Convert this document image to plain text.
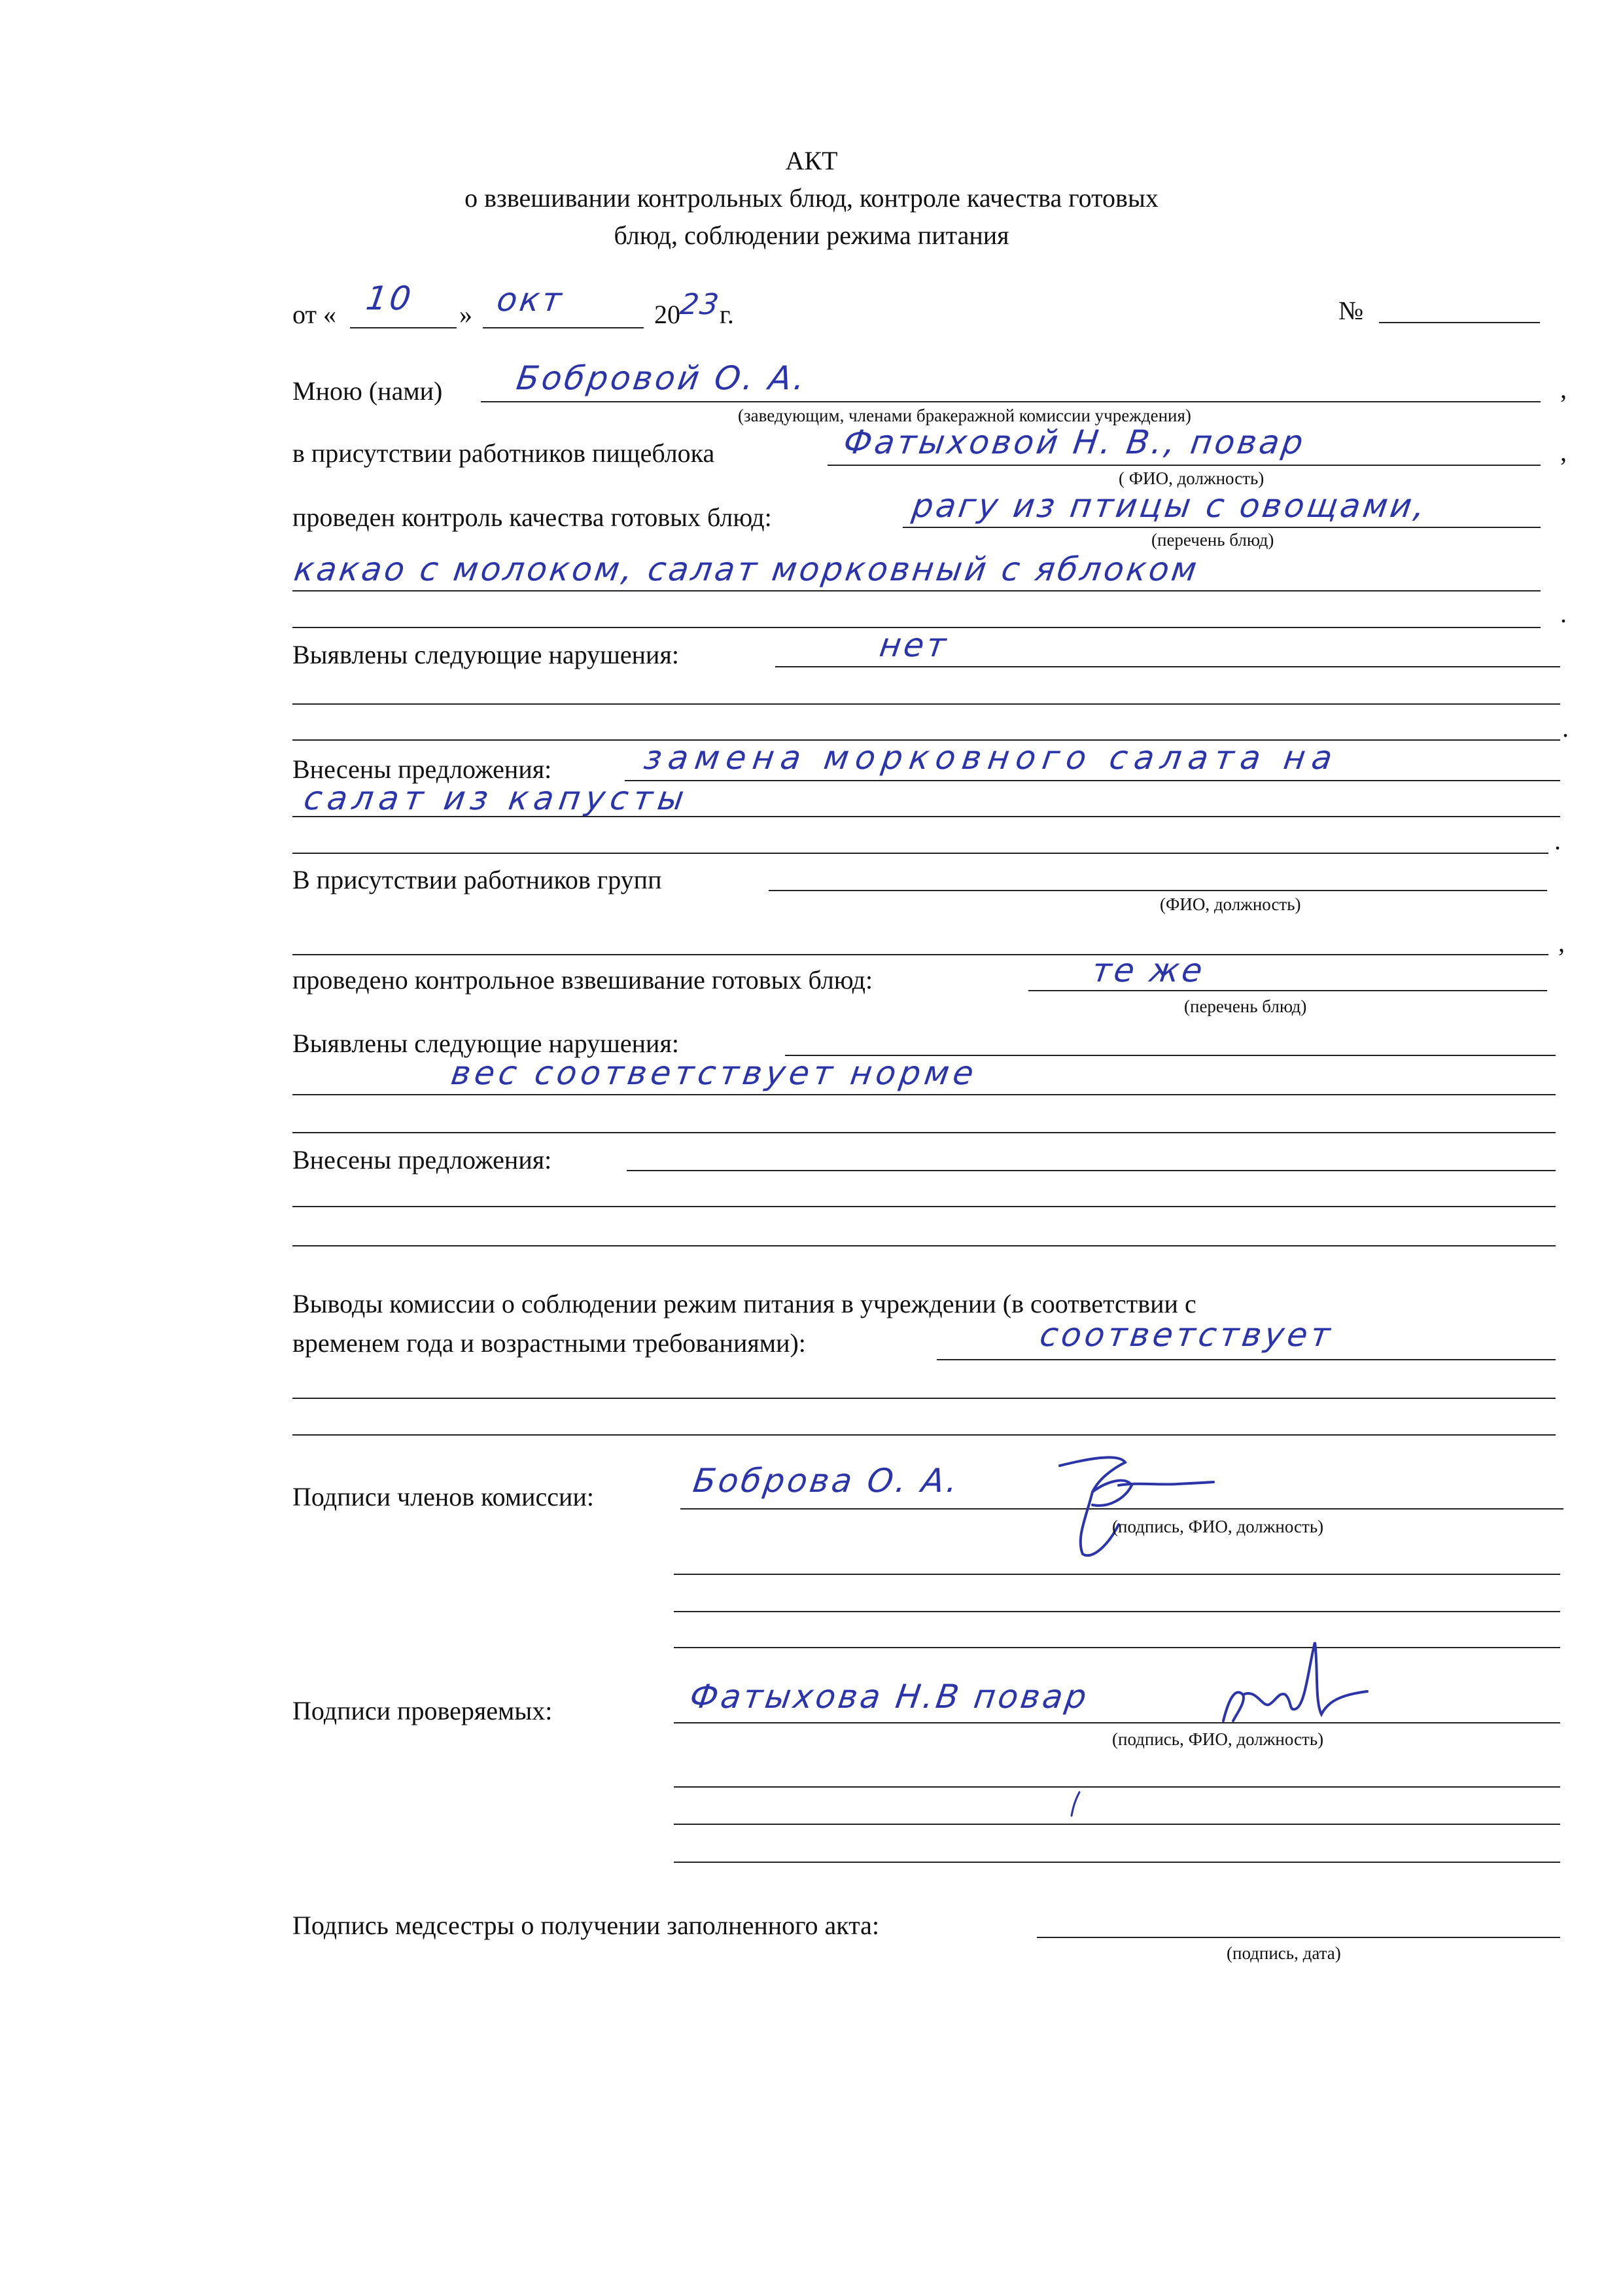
АКТ
о взвешивании контрольных блюд, контроле качества готовых
блюд, соблюдении режима питания
от « 10 » окт	20
23
г.	№
Мною (нами) Бобровой О. А.	,
(заведующим, членами бракеражной комиссии учреждения)
в присутствии работников пищеблока	Фатыховой Н. В., повар	,
( ФИО, должность)
проведен контроль качества готовых блюд:	рагу из птицы с овощами,
(перечень блюд)
какао с молоком, салат морковный с яблоком
.
Выявлены следующие нарушения:	нет
.
Внесены предложения:	замена морковного салата на
салат из капусты
.
В присутствии работников групп
(ФИО, должность)
,
проведено контрольное взвешивание готовых блюд:	те же
(перечень блюд)
Выявлены следующие нарушения:
вес соответствует норме
Внесены предложения:
Выводы комиссии о соблюдении режим питания в учреждении (в соответствии с
временем года и возрастными требованиями):	соответствует
Подписи членов комиссии:	Боброва О. А.
(подпись, ФИО, должность)
Подписи проверяемых:	Фатыхова Н.В повар
(подпись, ФИО, должность)
Подпись медсестры о получении заполненного акта:
(подпись, дата)
